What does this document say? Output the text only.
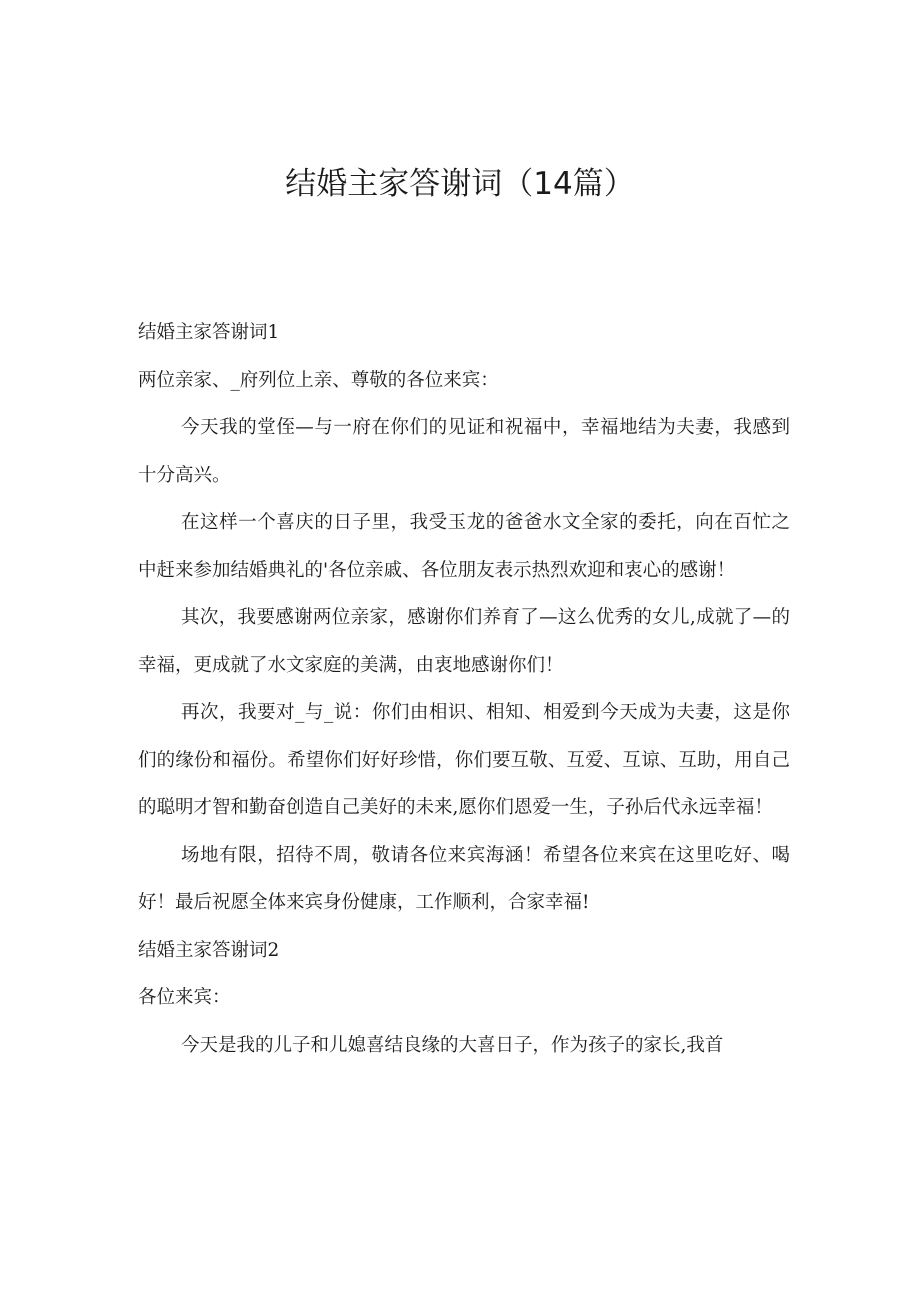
结婚主家答谢词（14篇）

结婚主家答谢词1

两位亲家、_府列位上亲、尊敬的各位来宾：

今天我的堂侄—与一府在你们的见证和祝福中，幸福地结为夫妻，我感到十分高兴。

在这样一个喜庆的日子里，我受玉龙的爸爸水文全家的委托，向在百忙之中赶来参加结婚典礼的'各位亲戚、各位朋友表示热烈欢迎和衷心的感谢！

其次，我要感谢两位亲家，感谢你们养育了—这么优秀的女儿,成就了—的幸福，更成就了水文家庭的美满，由衷地感谢你们！

再次，我要对_与_说：你们由相识、相知、相爱到今天成为夫妻，这是你们的缘份和福份。希望你们好好珍惜，你们要互敬、互爱、互谅、互助，用自己的聪明才智和勤奋创造自己美好的未来,愿你们恩爱一生，子孙后代永远幸福！

场地有限，招待不周，敬请各位来宾海涵！希望各位来宾在这里吃好、喝好！最后祝愿全体来宾身份健康，工作顺利，合家幸福!

结婚主家答谢词2

各位来宾：

今天是我的儿子和儿媳喜结良缘的大喜日子，作为孩子的家长,我首
